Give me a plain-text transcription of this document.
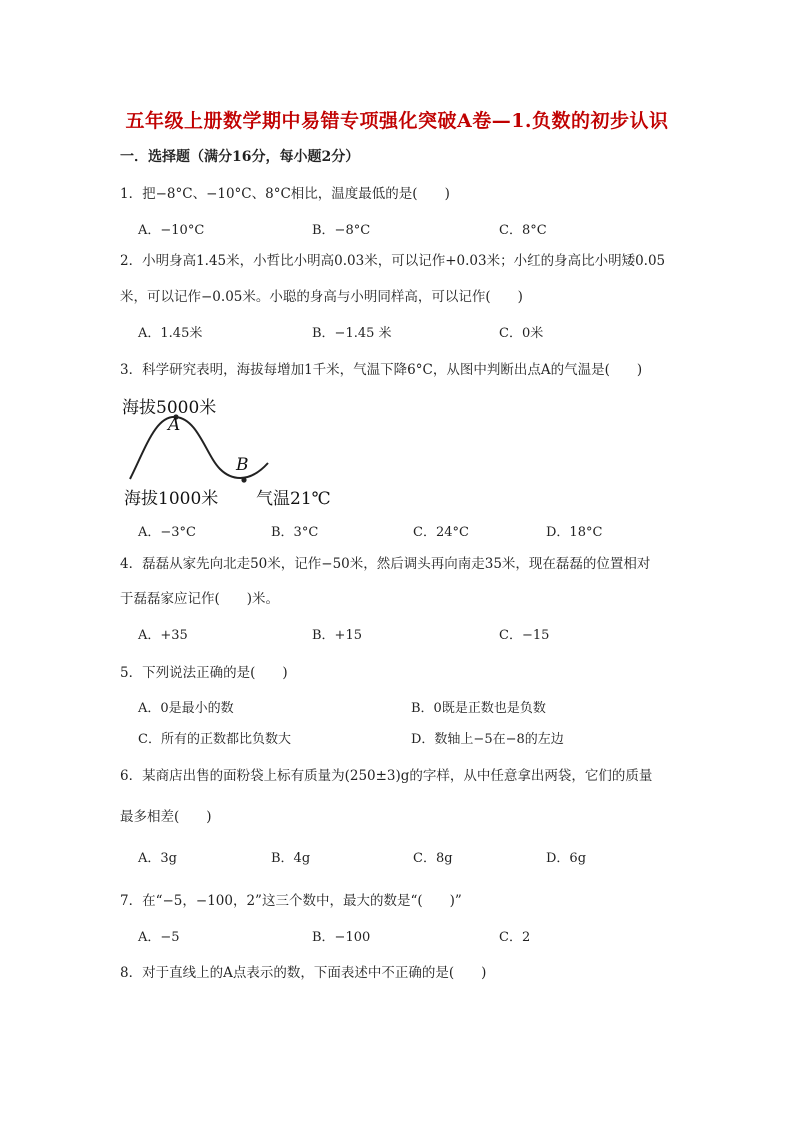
五年级上册数学期中易错专项强化突破A卷—1.负数的初步认识
一．选择题（满分16分，每小题2分）
1．把−8°C、−10°C、8°C相比，温度最低的是(　　)
A．−10°C	B．−8°C	C．8°C
2．小明身高1.45米，小哲比小明高0.03米，可以记作+0.03米；小红的身高比小明矮0.05
米，可以记作−0.05米。小聪的身高与小明同样高，可以记作(　　)
A．1.45米	B．−1.45 米	C．0米
3．科学研究表明，海拔每增加1千米，气温下降6°C，从图中判断出点A的气温是(　　)
海拔5000米
A
B
海拔1000米 气温21℃
A．−3°C	B．3°C	C．24°C	D．18°C
4．磊磊从家先向北走50米，记作−50米，然后调头再向南走35米，现在磊磊的位置相对
于磊磊家应记作(　　)米。
A．+35	B．+15	C．−15
5．下列说法正确的是(　　)
A．0是最小的数	B．0既是正数也是负数
C．所有的正数都比负数大	D．数轴上−5在−8的左边
6．某商店出售的面粉袋上标有质量为(250±3)g的字样，从中任意拿出两袋，它们的质量
最多相差(　　)
A．3g	B．4g	C．8g	D．6g
7．在“−5，−100，2”这三个数中，最大的数是“(　　)”
A．−5	B．−100	C．2
8．对于直线上的A点表示的数，下面表述中不正确的是(　　)
